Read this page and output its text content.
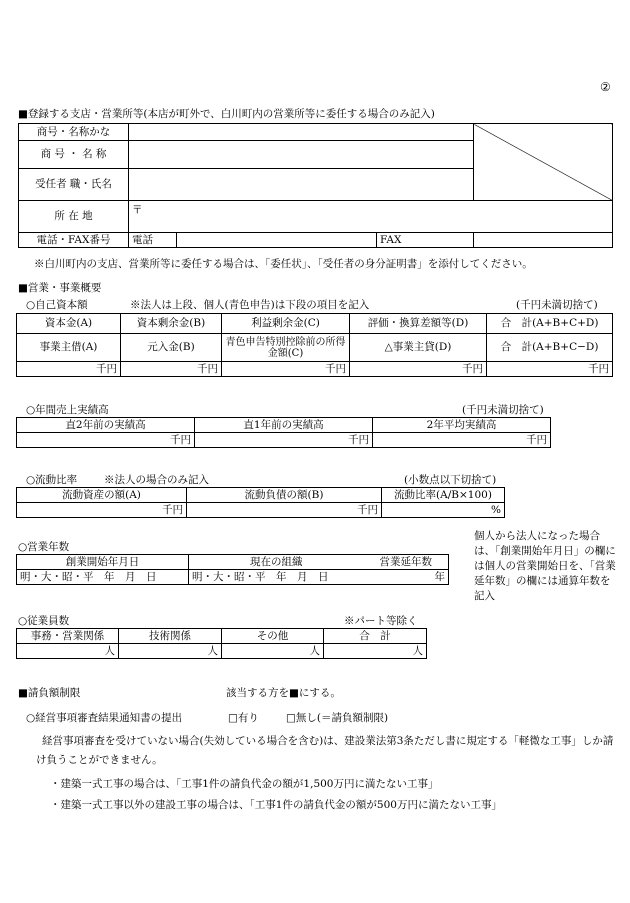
②
■登録する支店・営業所等(本店が町外で、白川町内の営業所等に委任する場合のみ記入)
商号・名称かな				
商 号 ・ 名 称				
受任者 職・氏名				
所 在 地	〒			
電話・FAX番号	電話		FAX	
※白川町内の支店、営業所等に委任する場合は、「委任状」、「受任者の身分証明書」を添付してください。
■営業・事業概要
○自己資本額	※法人は上段、個人(青色申告)は下段の項目を記入	(千円未満切捨て)
資本金(A)	資本剰余金(B)	利益剰余金(C)	評価・換算差額等(D)	合　計(A+B+C+D)
事業主借(A)	元入金(B)	青色申告特別控除前の所得金額(C)	△事業主貸(D)	合　計(A+B+C−D)
千円	千円	千円	千円	千円
○年間売上実績高	(千円未満切捨て)
直2年前の実績高	直1年前の実績高	2年平均実績高
千円	千円	千円
○流動比率	※法人の場合のみ記入	(小数点以下切捨て)
流動資産の額(A)	流動負債の額(B)	流動比率(A/B×100)
千円	千円	%
○営業年数
創業開始年月日	現在の組織	営業延年数
明・大・昭・平　年　月　日	明・大・昭・平　年　月　日	年
個人から法人になった場合は、「創業開始年月日」の欄には個人の営業開始日を、「営業延年数」の欄には通算年数を記入
○従業員数	※パート等除く
事務・営業関係	技術関係	その他	合　計
人	人	人	人
■請負額制限	該当する方を■にする。
○経営事項審査結果通知書の提出	□有り	□無し(＝請負額制限)
経営事項審査を受けていない場合(失効している場合を含む)は、建設業法第3条ただし書に規定する「軽微な工事」しか請け負うことができません。
・建築一式工事の場合は、「工事1件の請負代金の額が1,500万円に満たない工事」
・建築一式工事以外の建設工事の場合は、「工事1件の請負代金の額が500万円に満たない工事」
